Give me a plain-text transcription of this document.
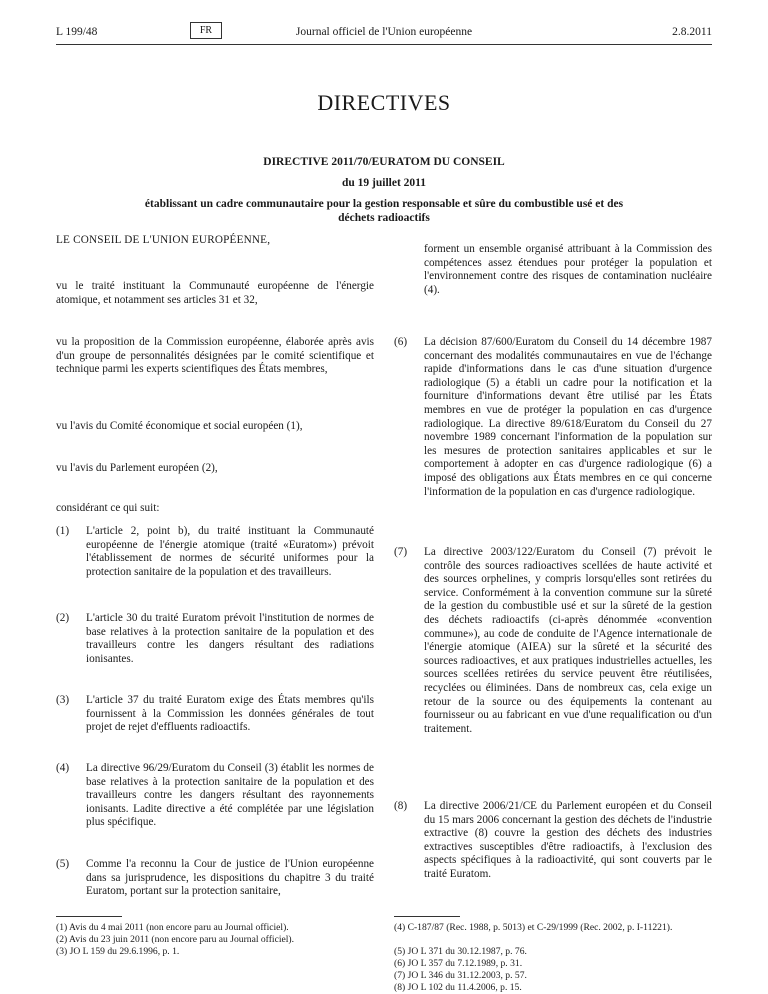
L 199/48	FR	Journal officiel de l'Union européenne	2.8.2011
DIRECTIVES
DIRECTIVE 2011/70/EURATOM DU CONSEIL
du 19 juillet 2011
établissant un cadre communautaire pour la gestion responsable et sûre du combustible usé et des
déchets radioactifs

LE CONSEIL DE L'UNION EUROPÉENNE,

vu le traité instituant la Communauté européenne de l'énergie atomique, et notamment ses articles 31 et 32,

vu la proposition de la Commission européenne, élaborée après avis d'un groupe de personnalités désignées par le comité scientifique et technique parmi les experts scientifiques des États membres,

vu l'avis du Comité économique et social européen (1),

vu l'avis du Parlement européen (2),

considérant ce qui suit:

(1) L'article 2, point b), du traité instituant la Communauté européenne de l'énergie atomique (traité «Euratom») prévoit l'établissement de normes de sécurité uniformes pour la protection sanitaire de la population et des travailleurs.
(2) L'article 30 du traité Euratom prévoit l'institution de normes de base relatives à la protection sanitaire de la population et des travailleurs contre les dangers résultant des radiations ionisantes.
(3) L'article 37 du traité Euratom exige des États membres qu'ils fournissent à la Commission les données générales de tout projet de rejet d'effluents radioactifs.
(4) La directive 96/29/Euratom du Conseil (3) établit les normes de base relatives à la protection sanitaire de la population et des travailleurs contre les dangers résultant des rayonnements ionisants. Ladite directive a été complétée par une législation plus spécifique.
(5) Comme l'a reconnu la Cour de justice de l'Union européenne dans sa jurisprudence, les dispositions du chapitre 3 du traité Euratom, portant sur la protection sanitaire,

(1) Avis du 4 mai 2011 (non encore paru au Journal officiel).

(2) Avis du 23 juin 2011 (non encore paru au Journal officiel).

(3) JO L 159 du 29.6.1996, p. 1.

forment un ensemble organisé attribuant à la Commission des compétences assez étendues pour protéger la population et l'environnement contre des risques de contamination nucléaire (4).
(6) La décision 87/600/Euratom du Conseil du 14 décembre 1987 concernant des modalités communautaires en vue de l'échange rapide d'informations dans le cas d'une situation d'urgence radiologique (5) a établi un cadre pour la notification et la fourniture d'informations devant être utilisé par les États membres en vue de protéger la population en cas d'urgence radiologique. La directive 89/618/Euratom du Conseil du 27 novembre 1989 concernant l'information de la population sur les mesures de protection sanitaires applicables et sur le comportement à adopter en cas d'urgence radiologique (6) a imposé des obligations aux États membres en ce qui concerne l'information de la population en cas d'urgence radiologique.
(7) La directive 2003/122/Euratom du Conseil (7) prévoit le contrôle des sources radioactives scellées de haute activité et des sources orphelines, y compris lorsqu'elles sont retirées du service. Conformément à la convention commune sur la sûreté de la gestion du combustible usé et sur la sûreté de la gestion des déchets radioactifs (ci-après dénommée «convention commune»), au code de conduite de l'Agence internationale de l'énergie atomique (AIEA) sur la sûreté et la sécurité des sources radioactives, et aux pratiques industrielles actuelles, les sources scellées retirées du service peuvent être réutilisées, recyclées ou éliminées. Dans de nombreux cas, cela exige un retour de la source ou des équipements la contenant au fournisseur ou au fabricant en vue d'une requalification ou d'un traitement.
(8) La directive 2006/21/CE du Parlement européen et du Conseil du 15 mars 2006 concernant la gestion des déchets de l'industrie extractive (8) couvre la gestion des déchets des industries extractives susceptibles d'être radioactifs, à l'exclusion des aspects spécifiques à la radioactivité, qui sont couverts par le traité Euratom.

(4) C-187/87 (Rec. 1988, p. 5013) et C-29/1999 (Rec. 2002, p. I-11221).

(5) JO L 371 du 30.12.1987, p. 76.

(6) JO L 357 du 7.12.1989, p. 31.

(7) JO L 346 du 31.12.2003, p. 57.

(8) JO L 102 du 11.4.2006, p. 15.
